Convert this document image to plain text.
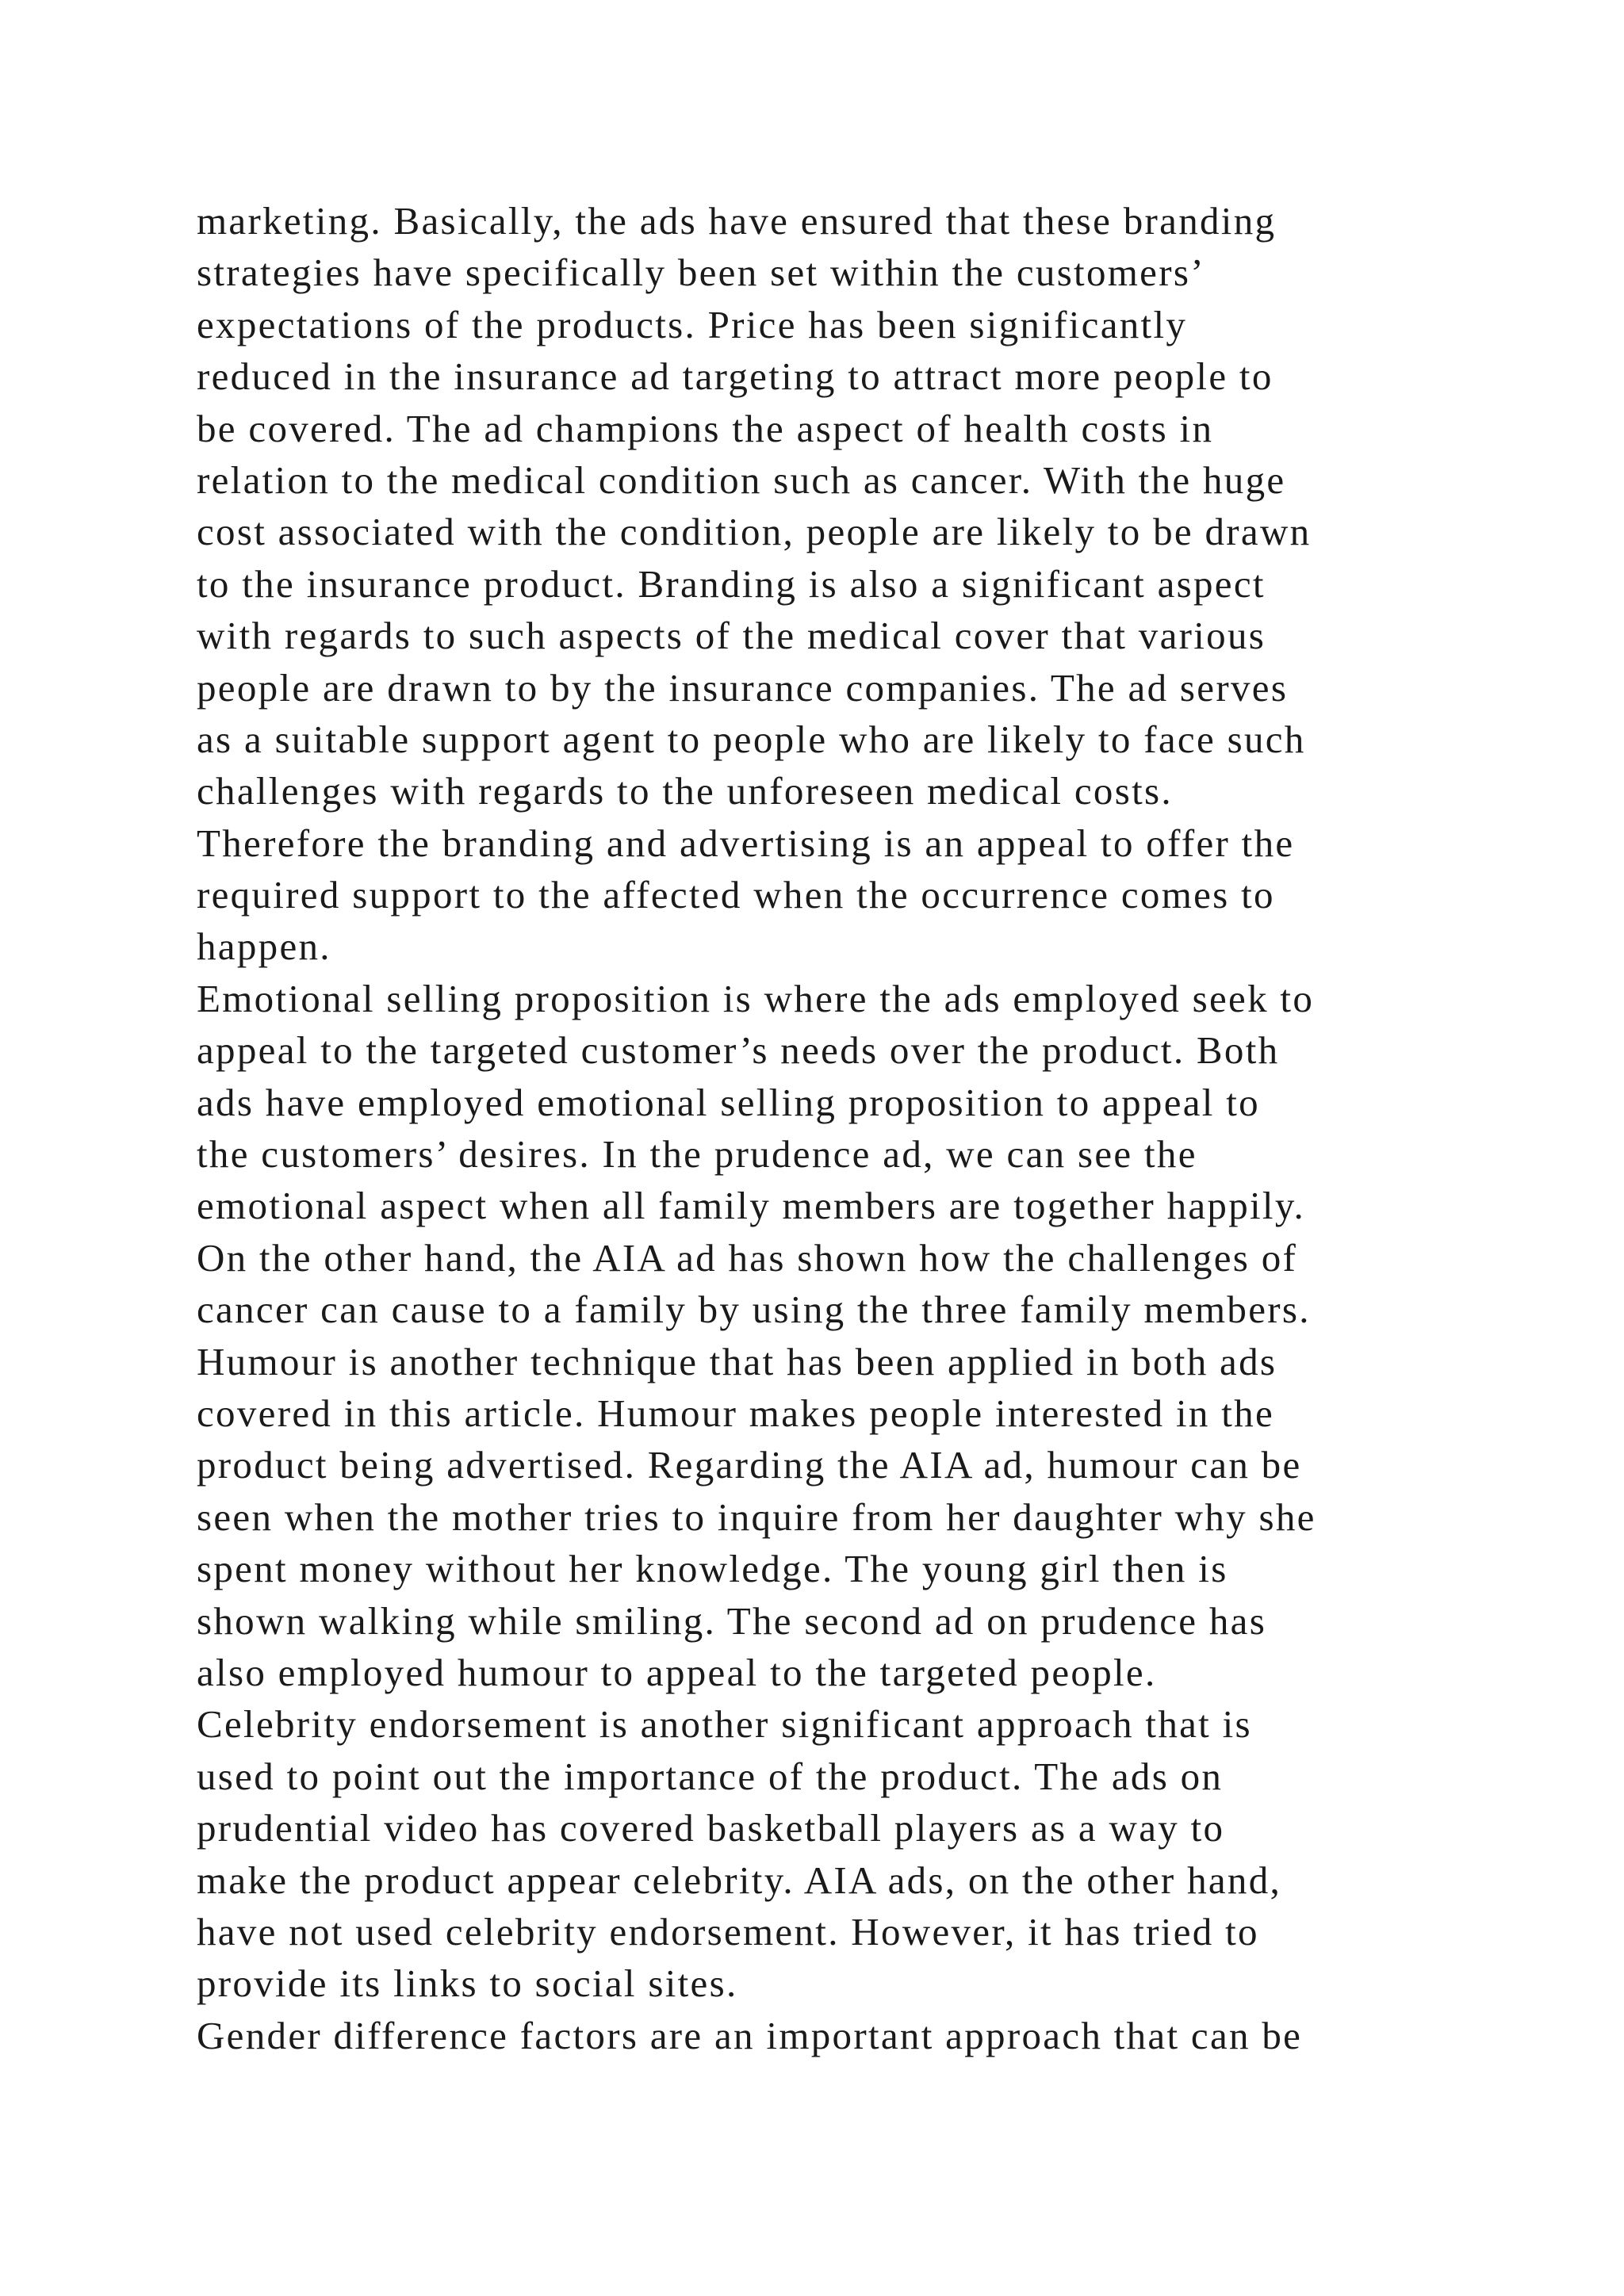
marketing. Basically, the ads have ensured that these branding
strategies have specifically been set within the customers’
expectations of the products. Price has been significantly
reduced in the insurance ad targeting to attract more people to
be covered. The ad champions the aspect of health costs in
relation to the medical condition such as cancer. With the huge
cost associated with the condition, people are likely to be drawn
to the insurance product. Branding is also a significant aspect
with regards to such aspects of the medical cover that various
people are drawn to by the insurance companies. The ad serves
as a suitable support agent to people who are likely to face such
challenges with regards to the unforeseen medical costs.
Therefore the branding and advertising is an appeal to offer the
required support to the affected when the occurrence comes to
happen.
Emotional selling proposition is where the ads employed seek to
appeal to the targeted customer’s needs over the product. Both
ads have employed emotional selling proposition to appeal to
the customers’ desires. In the prudence ad, we can see the
emotional aspect when all family members are together happily.
On the other hand, the AIA ad has shown how the challenges of
cancer can cause to a family by using the three family members.
Humour is another technique that has been applied in both ads
covered in this article. Humour makes people interested in the
product being advertised. Regarding the AIA ad, humour can be
seen when the mother tries to inquire from her daughter why she
spent money without her knowledge. The young girl then is
shown walking while smiling. The second ad on prudence has
also employed humour to appeal to the targeted people.
Celebrity endorsement is another significant approach that is
used to point out the importance of the product. The ads on
prudential video has covered basketball players as a way to
make the product appear celebrity. AIA ads, on the other hand,
have not used celebrity endorsement. However, it has tried to
provide its links to social sites.
Gender difference factors are an important approach that can be
